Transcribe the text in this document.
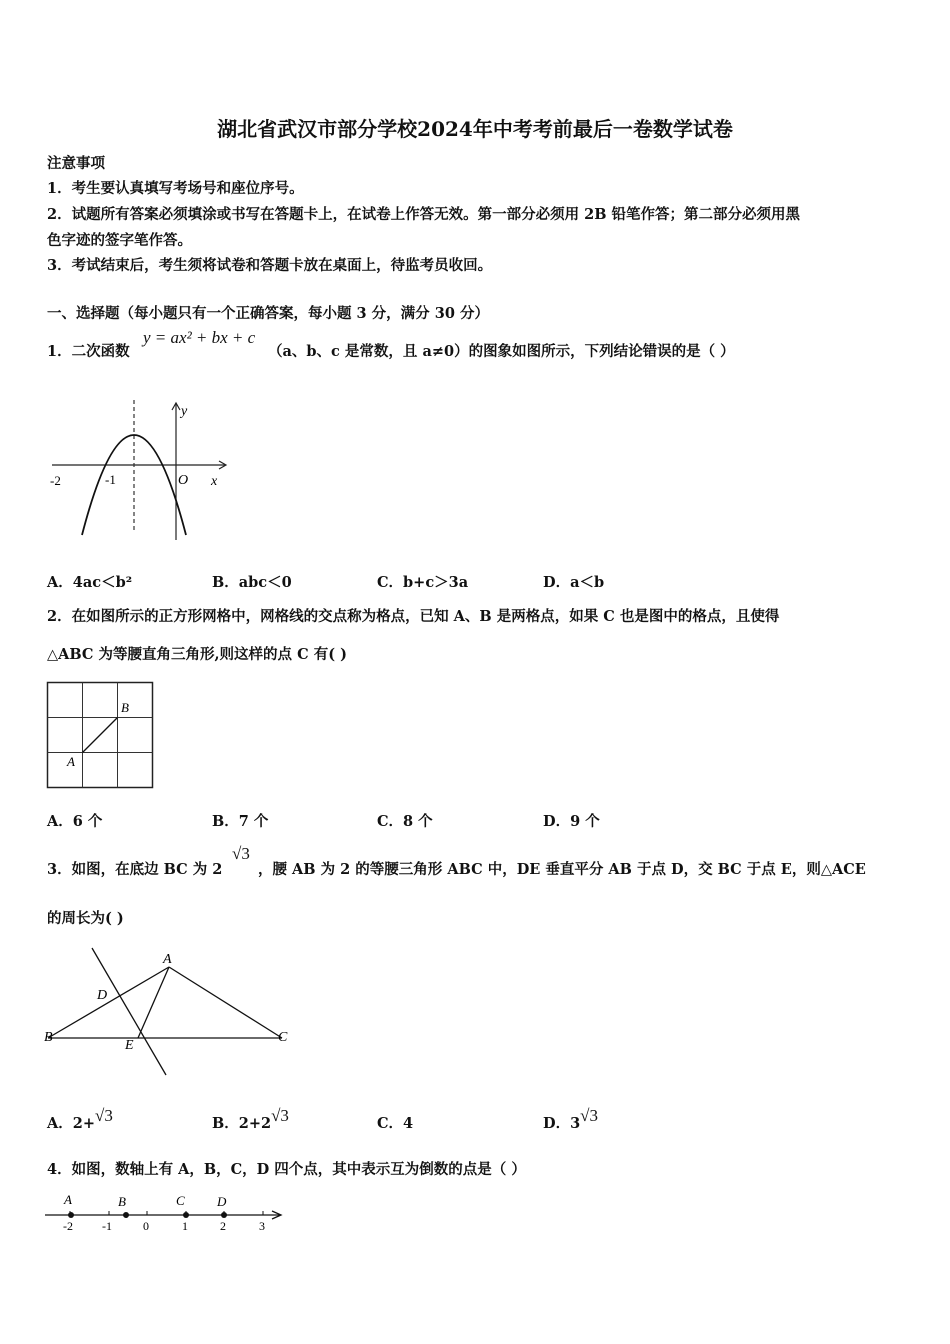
湖北省武汉市部分学校2024年中考考前最后一卷数学试卷
注意事项
1．考生要认真填写考场号和座位序号。
2．试题所有答案必须填涂或书写在答题卡上，在试卷上作答无效。第一部分必须用 2B 铅笔作答；第二部分必须用黑
色字迹的签字笔作答。
3．考试结束后，考生须将试卷和答题卡放在桌面上，待监考员收回。
一、选择题（每小题只有一个正确答案，每小题 3 分，满分 30 分）
1．二次函数
y = ax² + bx + c
（a、b、c 是常数，且 a≠0）的图象如图所示，下列结论错误的是（ ）
y
x
O
-2	-1
A．4ac＜b²	B．abc＜0	C．b+c＞3a	D．a＜b
2．在如图所示的正方形网格中，网格线的交点称为格点，已知 A、B 是两格点，如果 C 也是图中的格点，且使得
△ABC 为等腰直角三角形,则这样的点 C 有( )
B
A
A．6 个	B．7 个	C．8 个	D．9 个
3．如图，在底边 BC 为 2
√3
，腰 AB 为 2 的等腰三角形 ABC 中，DE 垂直平分 AB 于点 D，交 BC 于点 E，则△ACE
的周长为( )
A
B	C
D
E
A．2+√3	B．2+2√3	C．4	D．3√3
4．如图，数轴上有 A，B，C，D 四个点，其中表示互为倒数的点是（ ）
A	B	C D
-2 -1	0	1	2	3
